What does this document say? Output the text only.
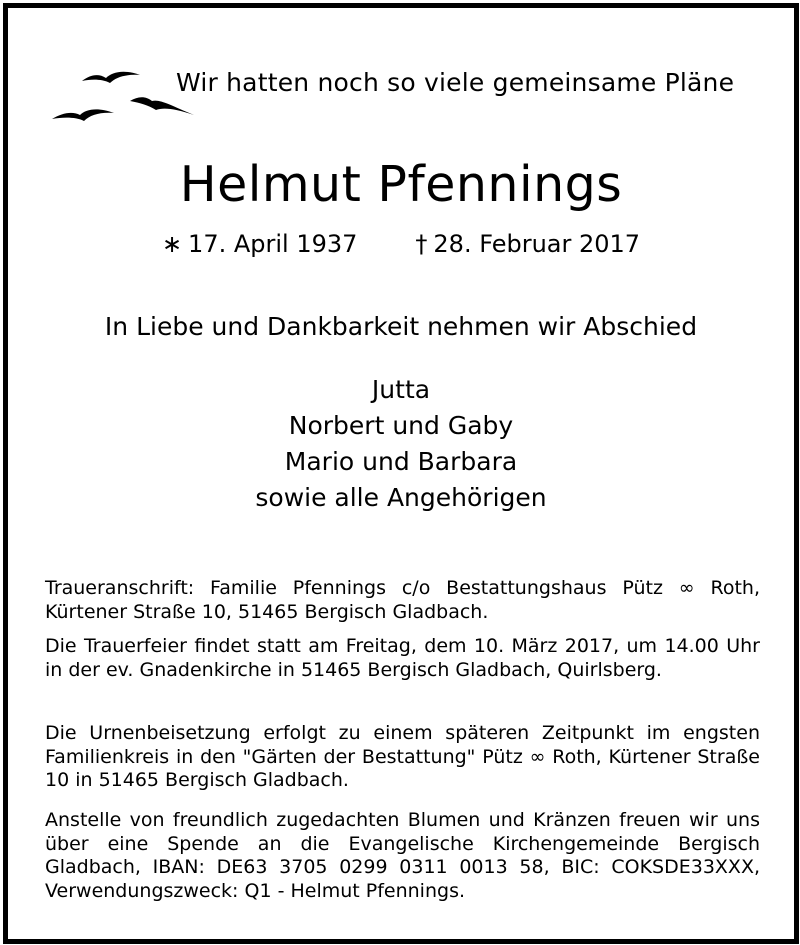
Wir hatten noch so viele gemeinsame Pläne
Helmut Pfennings
∗ 17. April 1937 † 28. Februar 2017
In Liebe und Dankbarkeit nehmen wir Abschied
Jutta
Norbert und Gaby
Mario und Barbara
sowie alle Angehörigen
Traueranschrift: Familie Pfennings c/o Bestattungshaus Pütz ∞ Roth, Kürtener Straße 10, 51465 Bergisch Gladbach.
Die Trauerfeier findet statt am Freitag, dem 10. März 2017, um 14.00 Uhr in der ev. Gnadenkirche in 51465 Bergisch Gladbach, Quirlsberg.
Die Urnenbeisetzung erfolgt zu einem späteren Zeitpunkt im engsten Familienkreis in den "Gärten der Bestattung" Pütz ∞ Roth, Kürtener Straße 10 in 51465 Bergisch Gladbach.
Anstelle von freundlich zugedachten Blumen und Kränzen freuen wir uns über eine Spende an die Evangelische Kirchengemeinde Bergisch Gladbach, IBAN: DE63 3705 0299 0311 0013 58, BIC: COKSDE33XXX, Verwendungszweck: Q1 - Helmut Pfennings.
